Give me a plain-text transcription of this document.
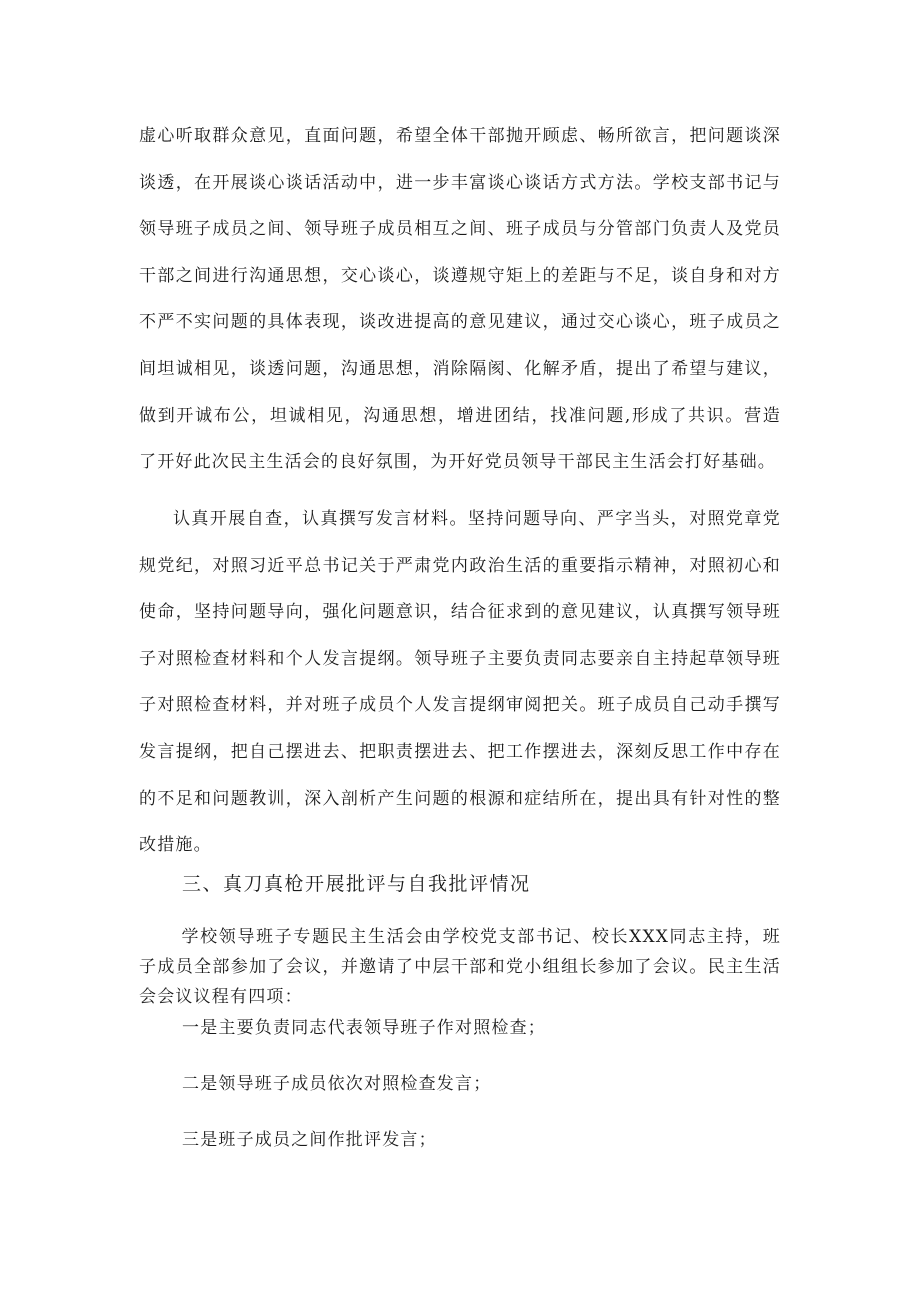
虚心听取群众意见，直面问题，希望全体干部抛开顾虑、畅所欲言，把问题谈深谈透，在开展谈心谈话活动中，进一步丰富谈心谈话方式方法。学校支部书记与领导班子成员之间、领导班子成员相互之间、班子成员与分管部门负责人及党员干部之间进行沟通思想，交心谈心，谈遵规守矩上的差距与不足，谈自身和对方不严不实问题的具体表现，谈改进提高的意见建议，通过交心谈心，班子成员之间坦诚相见，谈透问题，沟通思想，消除隔阂、化解矛盾，提出了希望与建议，做到开诚布公，坦诚相见，沟通思想，增进团结，找准问题,形成了共识。营造了开好此次民主生活会的良好氛围，为开好党员领导干部民主生活会打好基础。

认真开展自查，认真撰写发言材料。坚持问题导向、严字当头，对照党章党规党纪，对照习近平总书记关于严肃党内政治生活的重要指示精神，对照初心和使命，坚持问题导向，强化问题意识，结合征求到的意见建议，认真撰写领导班子对照检查材料和个人发言提纲。领导班子主要负责同志要亲自主持起草领导班子对照检查材料，并对班子成员个人发言提纲审阅把关。班子成员自己动手撰写发言提纲，把自己摆进去、把职责摆进去、把工作摆进去，深刻反思工作中存在的不足和问题教训，深入剖析产生问题的根源和症结所在，提出具有针对性的整改措施。

三、真刀真枪开展批评与自我批评情况

学校领导班子专题民主生活会由学校党支部书记、校长XXX同志主持，班子成员全部参加了会议，并邀请了中层干部和党小组组长参加了会议。民主生活会会议议程有四项：

一是主要负责同志代表领导班子作对照检查；

二是领导班子成员依次对照检查发言；

三是班子成员之间作批评发言；
